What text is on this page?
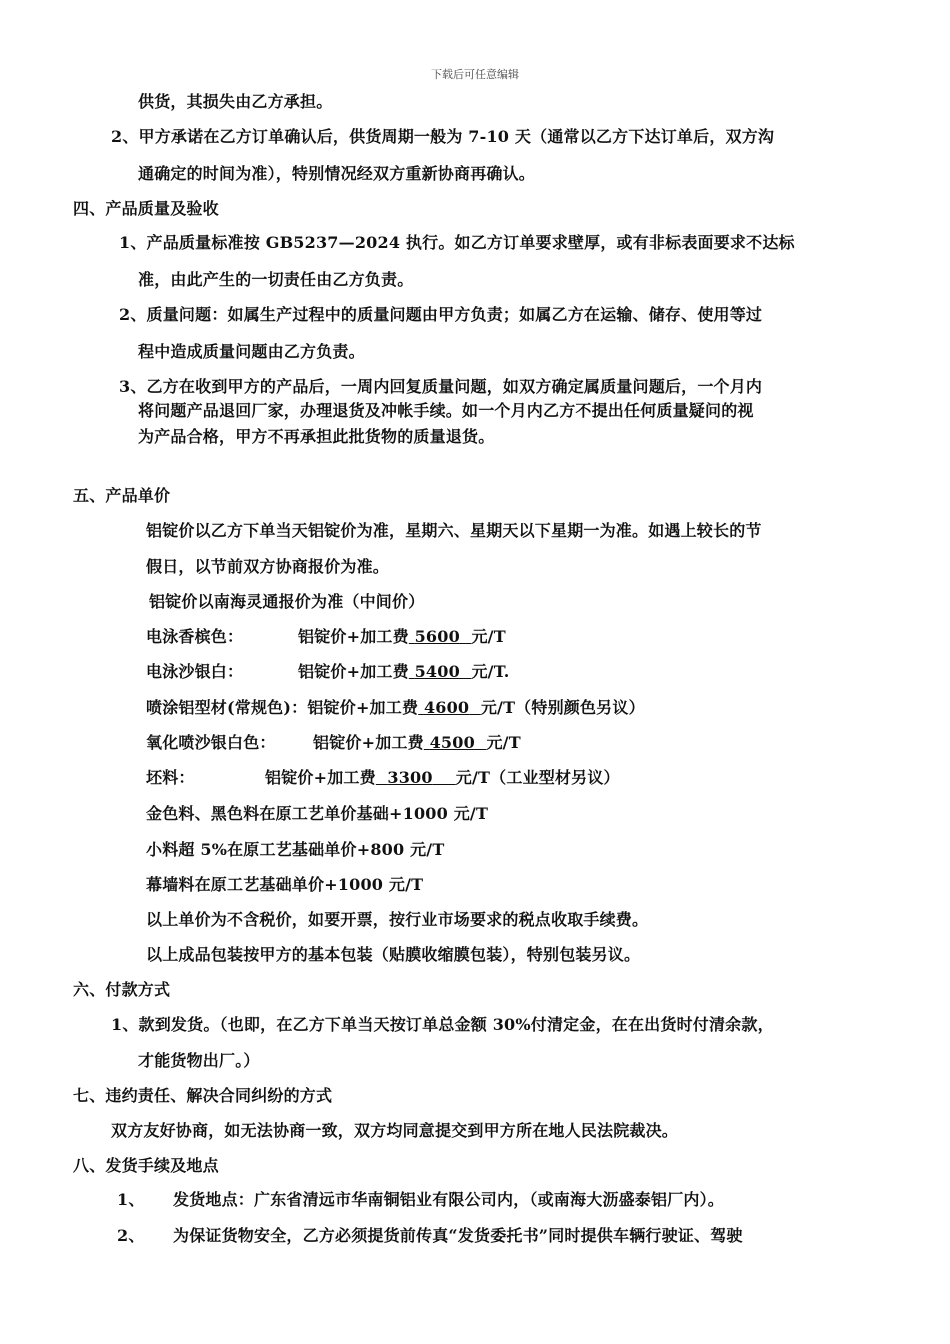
下载后可任意编辑
供货，其损失由乙方承担。
2、甲方承诺在乙方订单确认后，供货周期一般为 7-10 天（通常以乙方下达订单后，双方沟
通确定的时间为准），特别情况经双方重新协商再确认。
四、产品质量及验收
1、产品质量标准按 GB5237—2024 执行。如乙方订单要求壁厚，或有非标表面要求不达标
准，由此产生的一切责任由乙方负责。
2、质量问题：如属生产过程中的质量问题由甲方负责；如属乙方在运输、储存、使用等过
程中造成质量问题由乙方负责。
3、乙方在收到甲方的产品后，一周内回复质量问题，如双方确定属质量问题后，一个月内
将问题产品退回厂家，办理退货及冲帐手续。如一个月内乙方不提出任何质量疑问的视
为产品合格，甲方不再承担此批货物的质量退货。
五、产品单价
铝锭价以乙方下单当天铝锭价为准，星期六、星期天以下星期一为准。如遇上较长的节
假日，以节前双方协商报价为准。
铝锭价以南海灵通报价为准（中间价）
电泳香槟色：	铝锭价+加工费 5600 元/T
电泳沙银白：	铝锭价+加工费 5400 元/T.
喷涂铝型材(常规色)：铝锭价+加工费 4600 元/T（特别颜色另议）
氧化喷沙银白色： 铝锭价+加工费 4500 元/T
坯料：	铝锭价+加工费 3300 元/T（工业型材另议）
金色料、黑色料在原工艺单价基础+1000 元/T
小料超 5%在原工艺基础单价+800 元/T
幕墙料在原工艺基础单价+1000 元/T
以上单价为不含税价，如要开票，按行业市场要求的税点收取手续费。
以上成品包装按甲方的基本包装（贴膜收缩膜包装），特别包装另议。
六、付款方式
1、款到发货。（也即，在乙方下单当天按订单总金额 30%付清定金，在在出货时付清余款，
才能货物出厂。）
七、违约责任、解决合同纠纷的方式
双方友好协商，如无法协商一致，双方均同意提交到甲方所在地人民法院裁决。
八、发货手续及地点
1、 发货地点：广东省清远市华南铜铝业有限公司内，（或南海大沥盛泰铝厂内）。
2、 为保证货物安全，乙方必须提货前传真“发货委托书”同时提供车辆行驶证、驾驶
